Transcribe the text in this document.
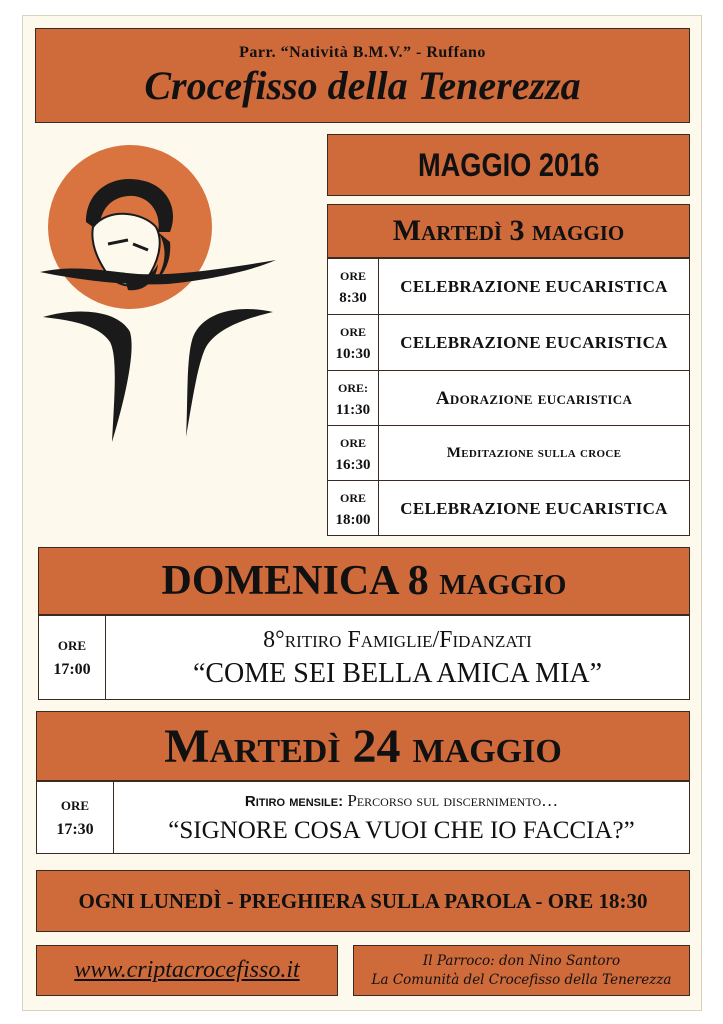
Parr. “Natività B.M.V.” - Ruffano
Crocefisso della Tenerezza
MAGGIO 2016
Martedì 3 maggio
ORE
8:30
CELEBRAZIONE EUCARISTICA
ORE
10:30
CELEBRAZIONE EUCARISTICA
ORE:
11:30
Adorazione eucaristica
ORE
16:30
Meditazione sulla croce
ORE
18:00
CELEBRAZIONE EUCARISTICA
DOMENICA 8 maggio
ORE
17:00
8°ritiro Famiglie/Fidanzati
“COME SEI BELLA AMICA MIA”
Martedì 24 maggio
ORE
17:30
Ritiro mensile: Percorso sul discernimento…
“SIGNORE COSA VUOI CHE IO FACCIA?”
OGNI LUNEDÌ - PREGHIERA SULLA PAROLA - ORE 18:30
www.criptacrocefisso.it	Il Parroco: don Nino Santoro
La Comunità del Crocefisso della Tenerezza
